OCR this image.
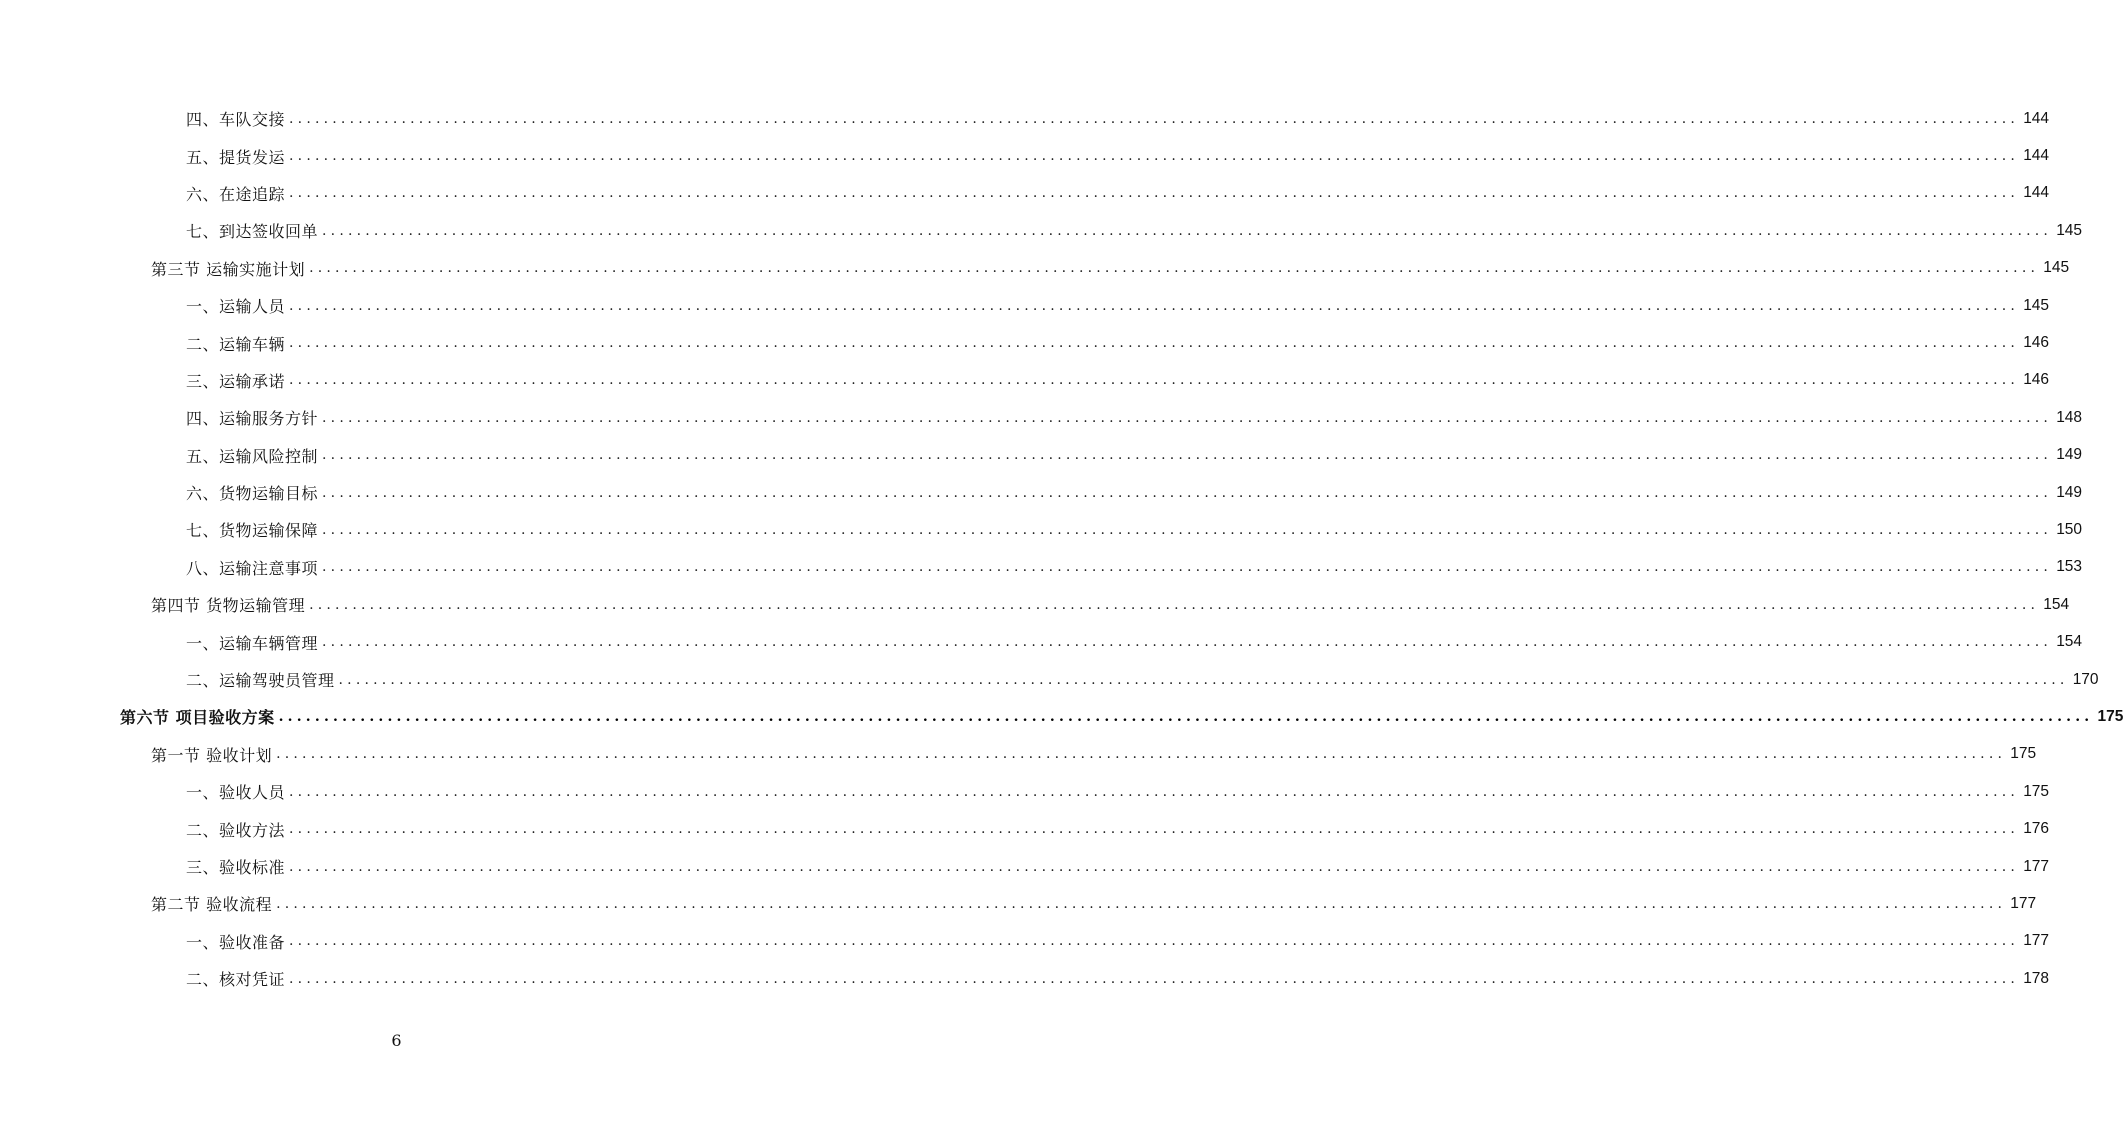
四、车队交接 ........................................................................................................................................................................................................ 144
五、提货发运 ........................................................................................................................................................................................................ 144
六、在途追踪 ........................................................................................................................................................................................................ 144
七、到达签收回单 ........................................................................................................................................................................................................ 145
第三节 运输实施计划 ........................................................................................................................................................................................................ 145
一、运输人员 ........................................................................................................................................................................................................ 145
二、运输车辆 ........................................................................................................................................................................................................ 146
三、运输承诺 ........................................................................................................................................................................................................ 146
四、运输服务方针 ........................................................................................................................................................................................................ 148
五、运输风险控制 ........................................................................................................................................................................................................ 149
六、货物运输目标 ........................................................................................................................................................................................................ 149
七、货物运输保障 ........................................................................................................................................................................................................ 150
八、运输注意事项 ........................................................................................................................................................................................................ 153
第四节 货物运输管理 ........................................................................................................................................................................................................ 154
一、运输车辆管理 ........................................................................................................................................................................................................ 154
二、运输驾驶员管理 ........................................................................................................................................................................................................ 170
第六节 项目验收方案 ........................................................................................................................................................................................................ 175
第一节 验收计划 ........................................................................................................................................................................................................ 175
一、验收人员 ........................................................................................................................................................................................................ 175
二、验收方法 ........................................................................................................................................................................................................ 176
三、验收标准 ........................................................................................................................................................................................................ 177
第二节 验收流程 ........................................................................................................................................................................................................ 177
一、验收准备 ........................................................................................................................................................................................................ 177
二、核对凭证 ........................................................................................................................................................................................................ 178
6
